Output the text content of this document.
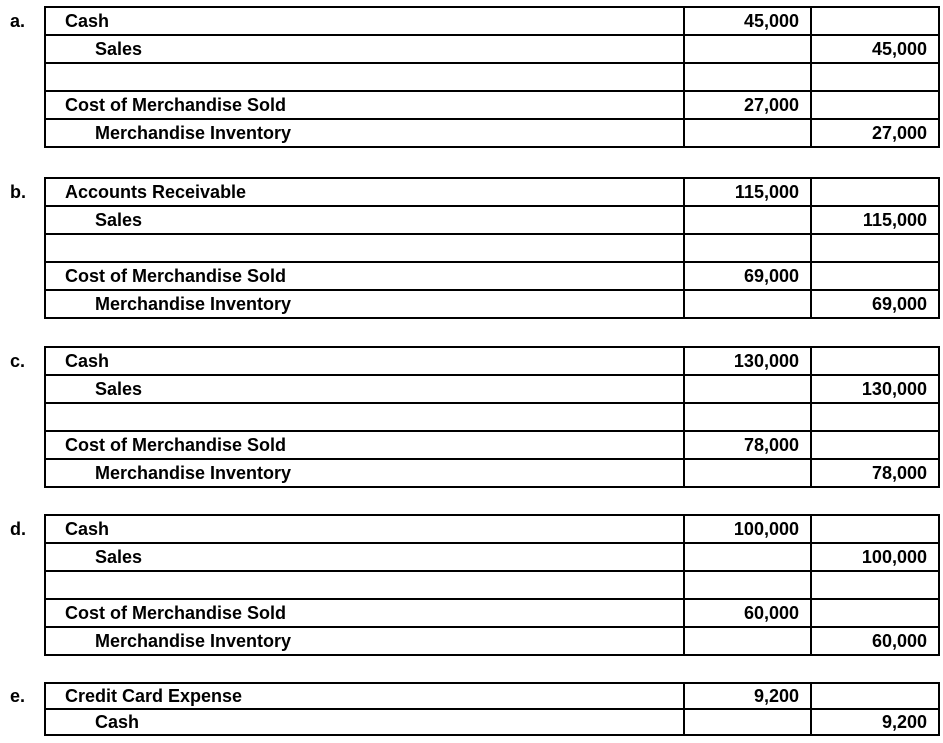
a. Cash	45,000	
Sales		45,000

Cost of Merchandise Sold	27,000	
Merchandise Inventory		27,000
b. Accounts Receivable	115,000	
Sales		115,000

Cost of Merchandise Sold	69,000	
Merchandise Inventory		69,000
c. Cash	130,000	
Sales		130,000

Cost of Merchandise Sold	78,000	
Merchandise Inventory		78,000
d. Cash	100,000	
Sales		100,000

Cost of Merchandise Sold	60,000	
Merchandise Inventory		60,000
e. Credit Card Expense	9,200	
Cash		9,200
